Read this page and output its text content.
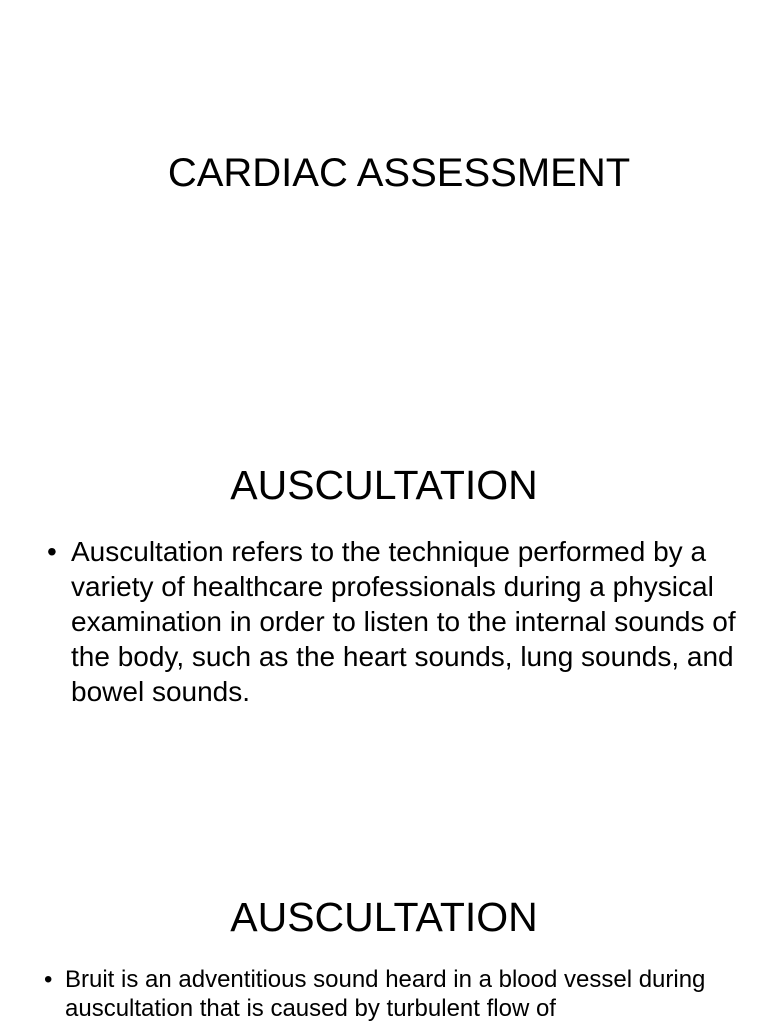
CARDIAC ASSESSMENT
AUSCULTATION
• Auscultation refers to the technique performed by a variety of healthcare professionals during a physical examination in order to listen to the internal sounds of the body, such as the heart sounds, lung sounds, and bowel sounds.
AUSCULTATION
• Bruit is an adventitious sound heard in a blood vessel during auscultation that is caused by turbulent flow of
